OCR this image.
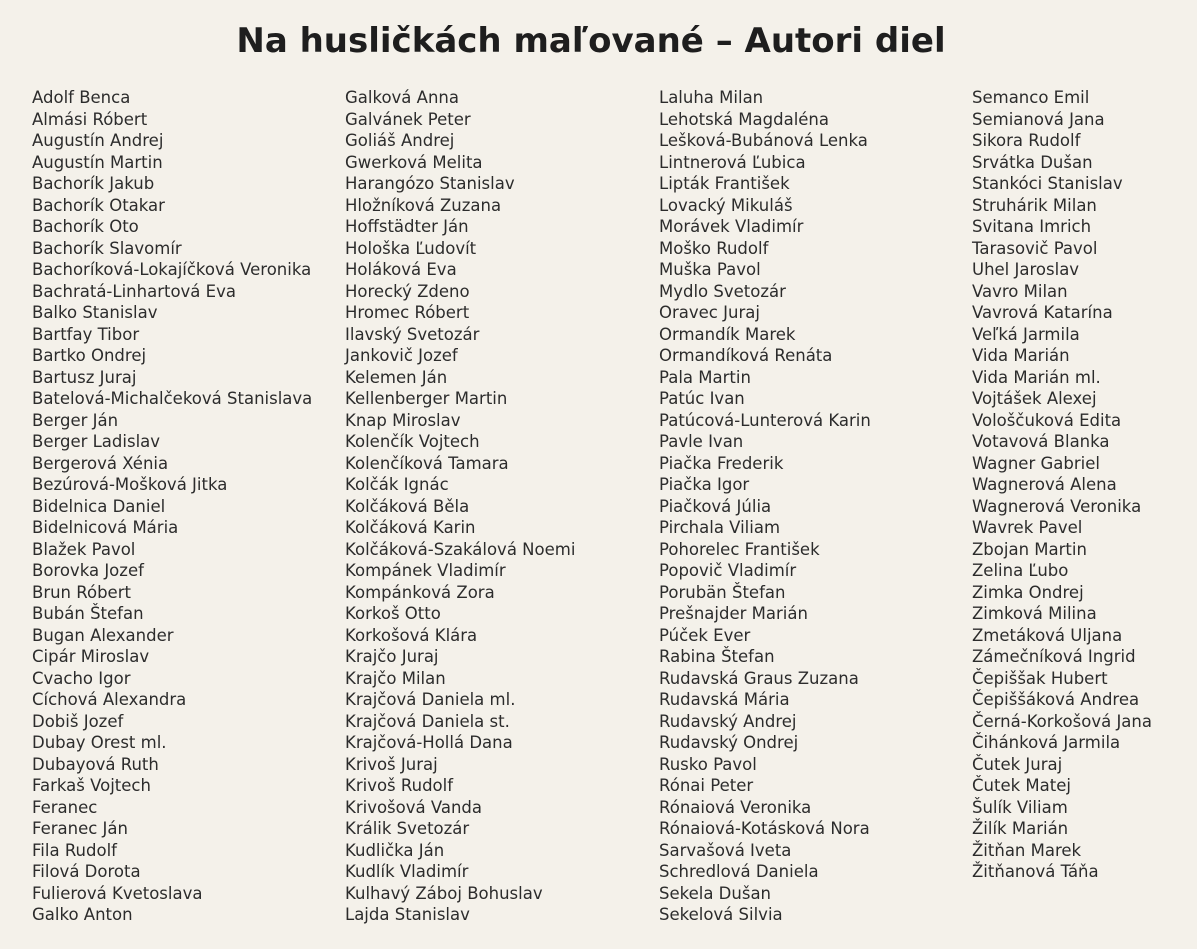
Na husličkách maľované – Autori diel
Adolf Benca
Almási Róbert
Augustín Andrej
Augustín Martin
Bachorík Jakub
Bachorík Otakar
Bachorík Oto
Bachorík Slavomír
Bachoríková-Lokajíčková Veronika
Bachratá-Linhartová Eva
Balko Stanislav
Bartfay Tibor
Bartko Ondrej
Bartusz Juraj
Batelová-Michalčeková Stanislava
Berger Ján
Berger Ladislav
Bergerová Xénia
Bezúrová-Mošková Jitka
Bidelnica Daniel
Bidelnicová Mária
Blažek Pavol
Borovka Jozef
Brun Róbert
Bubán Štefan
Bugan Alexander
Cipár Miroslav
Cvacho Igor
Cíchová Alexandra
Dobiš Jozef
Dubay Orest ml.
Dubayová Ruth
Farkaš Vojtech
Feranec
Feranec Ján
Fila Rudolf
Filová Dorota
Fulierová Kvetoslava
Galko Anton
Galková Anna
Galvánek Peter
Goliáš Andrej
Gwerková Melita
Harangózo Stanislav
Hložníková Zuzana
Hoffstädter Ján
Hološka Ľudovít
Holáková Eva
Horecký Zdeno
Hromec Róbert
Ilavský Svetozár
Jankovič Jozef
Kelemen Ján
Kellenberger Martin
Knap Miroslav
Kolenčík Vojtech
Kolenčíková Tamara
Kolčák Ignác
Kolčáková Běla
Kolčáková Karin
Kolčáková-Szakálová Noemi
Kompánek Vladimír
Kompánková Zora
Korkoš Otto
Korkošová Klára
Krajčo Juraj
Krajčo Milan
Krajčová Daniela ml.
Krajčová Daniela st.
Krajčová-Hollá Dana
Krivoš Juraj
Krivoš Rudolf
Krivošová Vanda
Králik Svetozár
Kudlička Ján
Kudlík Vladimír
Kulhavý Záboj Bohuslav
Lajda Stanislav
Laluha Milan
Lehotská Magdaléna
Lešková-Bubánová Lenka
Lintnerová Ľubica
Lipták František
Lovacký Mikuláš
Morávek Vladimír
Moško Rudolf
Muška Pavol
Mydlo Svetozár
Oravec Juraj
Ormandík Marek
Ormandíková Renáta
Pala Martin
Patúc Ivan
Patúcová-Lunterová Karin
Pavle Ivan
Piačka Frederik
Piačka Igor
Piačková Júlia
Pirchala Viliam
Pohorelec František
Popovič Vladimír
Porubän Štefan
Prešnajder Marián
Púček Ever
Rabina Štefan
Rudavská Graus Zuzana
Rudavská Mária
Rudavský Andrej
Rudavský Ondrej
Rusko Pavol
Rónai Peter
Rónaiová Veronika
Rónaiová-Kotásková Nora
Sarvašová Iveta
Schredlová Daniela
Sekela Dušan
Sekelová Silvia
Semanco Emil
Semianová Jana
Sikora Rudolf
Srvátka Dušan
Stankóci Stanislav
Struhárik Milan
Svitana Imrich
Tarasovič Pavol
Uhel Jaroslav
Vavro Milan
Vavrová Katarína
Veľká Jarmila
Vida Marián
Vida Marián ml.
Vojtášek Alexej
Vološčuková Edita
Votavová Blanka
Wagner Gabriel
Wagnerová Alena
Wagnerová Veronika
Wavrek Pavel
Zbojan Martin
Zelina Ľubo
Zimka Ondrej
Zimková Milina
Zmetáková Uljana
Zámečníková Ingrid
Čepiššak Hubert
Čepiššáková Andrea
Černá-Korkošová Jana
Čihánková Jarmila
Čutek Juraj
Čutek Matej
Šulík Viliam
Žilík Marián
Žitňan Marek
Žitňanová Táňa
